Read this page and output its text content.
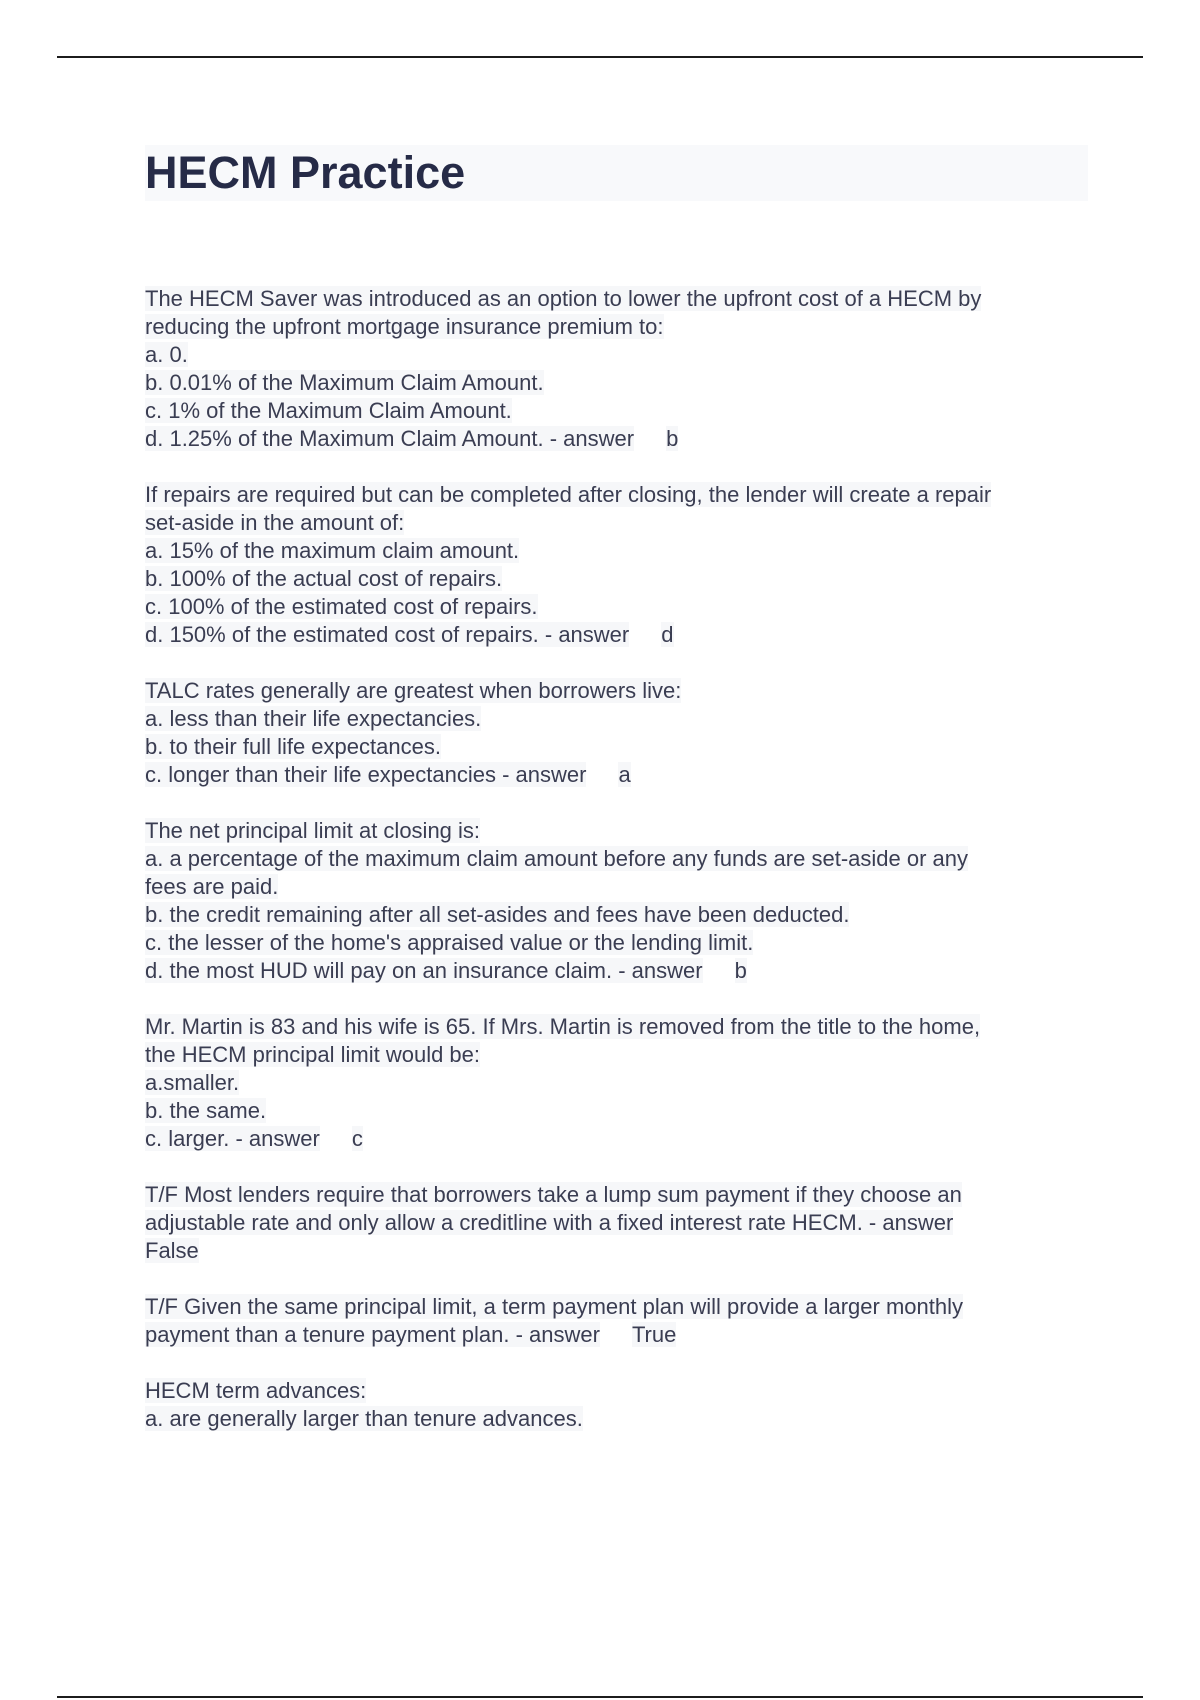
HECM Practice
The HECM Saver was introduced as an option to lower the upfront cost of a HECM by
reducing the upfront mortgage insurance premium to:
a. 0.
b. 0.01% of the Maximum Claim Amount.
c. 1% of the Maximum Claim Amount.
d. 1.25% of the Maximum Claim Amount. - answer b
If repairs are required but can be completed after closing, the lender will create a repair
set-aside in the amount of:
a. 15% of the maximum claim amount.
b. 100% of the actual cost of repairs.
c. 100% of the estimated cost of repairs.
d. 150% of the estimated cost of repairs. - answer d
TALC rates generally are greatest when borrowers live:
a. less than their life expectancies.
b. to their full life expectances.
c. longer than their life expectancies - answer a
The net principal limit at closing is:
a. a percentage of the maximum claim amount before any funds are set-aside or any
fees are paid.
b. the credit remaining after all set-asides and fees have been deducted.
c. the lesser of the home's appraised value or the lending limit.
d. the most HUD will pay on an insurance claim. - answer b
Mr. Martin is 83 and his wife is 65. If Mrs. Martin is removed from the title to the home,
the HECM principal limit would be:
a.smaller.
b. the same.
c. larger. - answer c
T/F Most lenders require that borrowers take a lump sum payment if they choose an
adjustable rate and only allow a creditline with a fixed interest rate HECM. - answer
False
T/F Given the same principal limit, a term payment plan will provide a larger monthly
payment than a tenure payment plan. - answer True
HECM term advances:
a. are generally larger than tenure advances.
